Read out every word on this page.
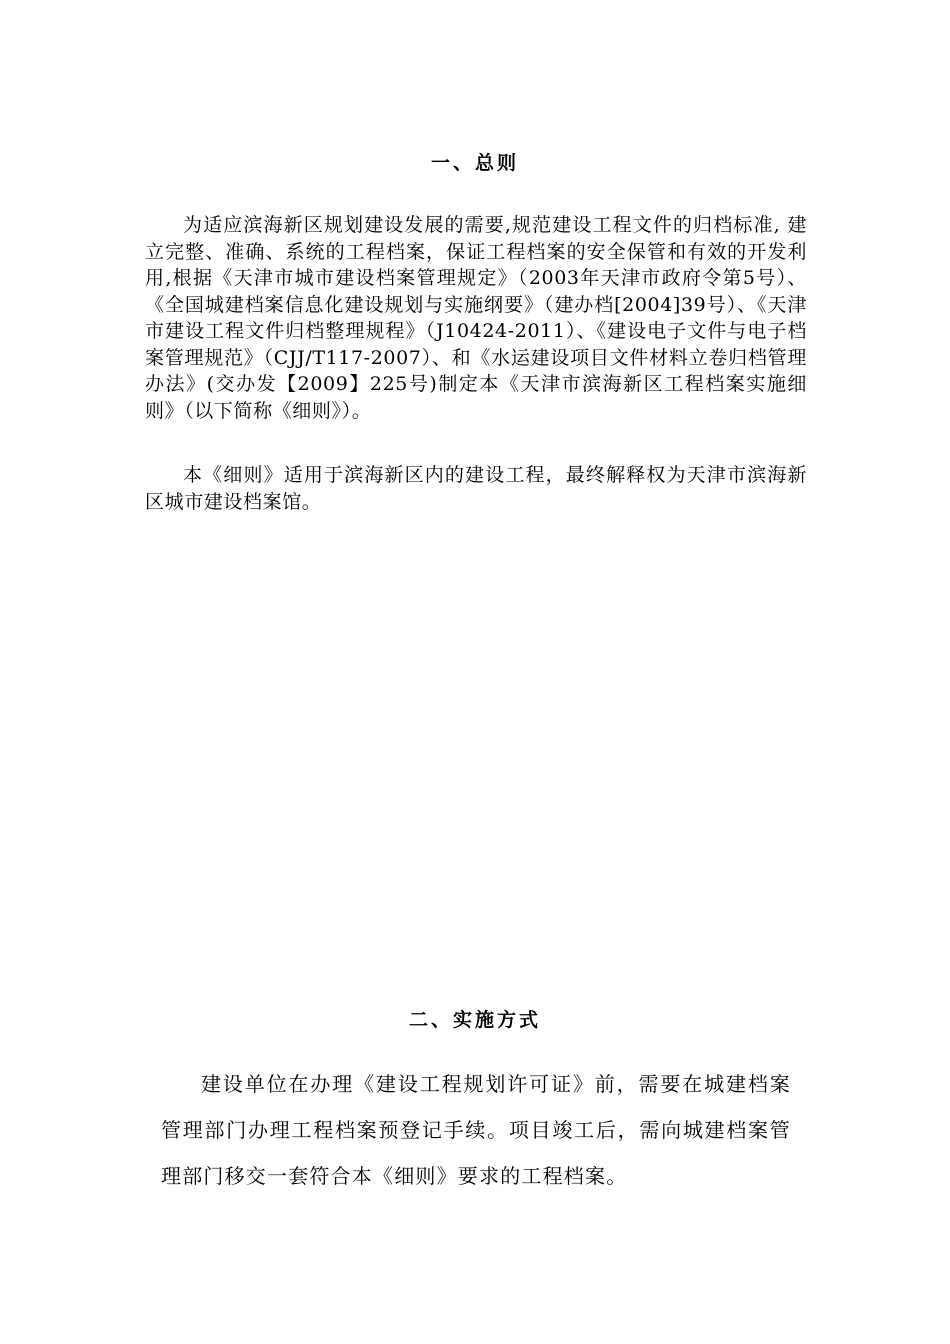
一、总则

为适应滨海新区规划建设发展的需要,规范建设工程文件的归档标准, 建立完整、准确、系统的工程档案，保证工程档案的安全保管和有效的开发利用,根据《天津市城市建设档案管理规定》（2003年天津市政府令第5号）、《全国城建档案信息化建设规划与实施纲要》（建办档[2004]39号）、《天津市建设工程文件归档整理规程》（J10424-2011）、《建设电子文件与电子档案管理规范》（CJJ/T117-2007）、和《水运建设项目文件材料立卷归档管理办法》(交办发【2009】225号)制定本《天津市滨海新区工程档案实施细则》（以下简称《细则》）。

本《细则》适用于滨海新区内的建设工程，最终解释权为天津市滨海新区城市建设档案馆。

二、实施方式

建设单位在办理《建设工程规划许可证》前，需要在城建档案管理部门办理工程档案预登记手续。项目竣工后，需向城建档案管理部门移交一套符合本《细则》要求的工程档案。
